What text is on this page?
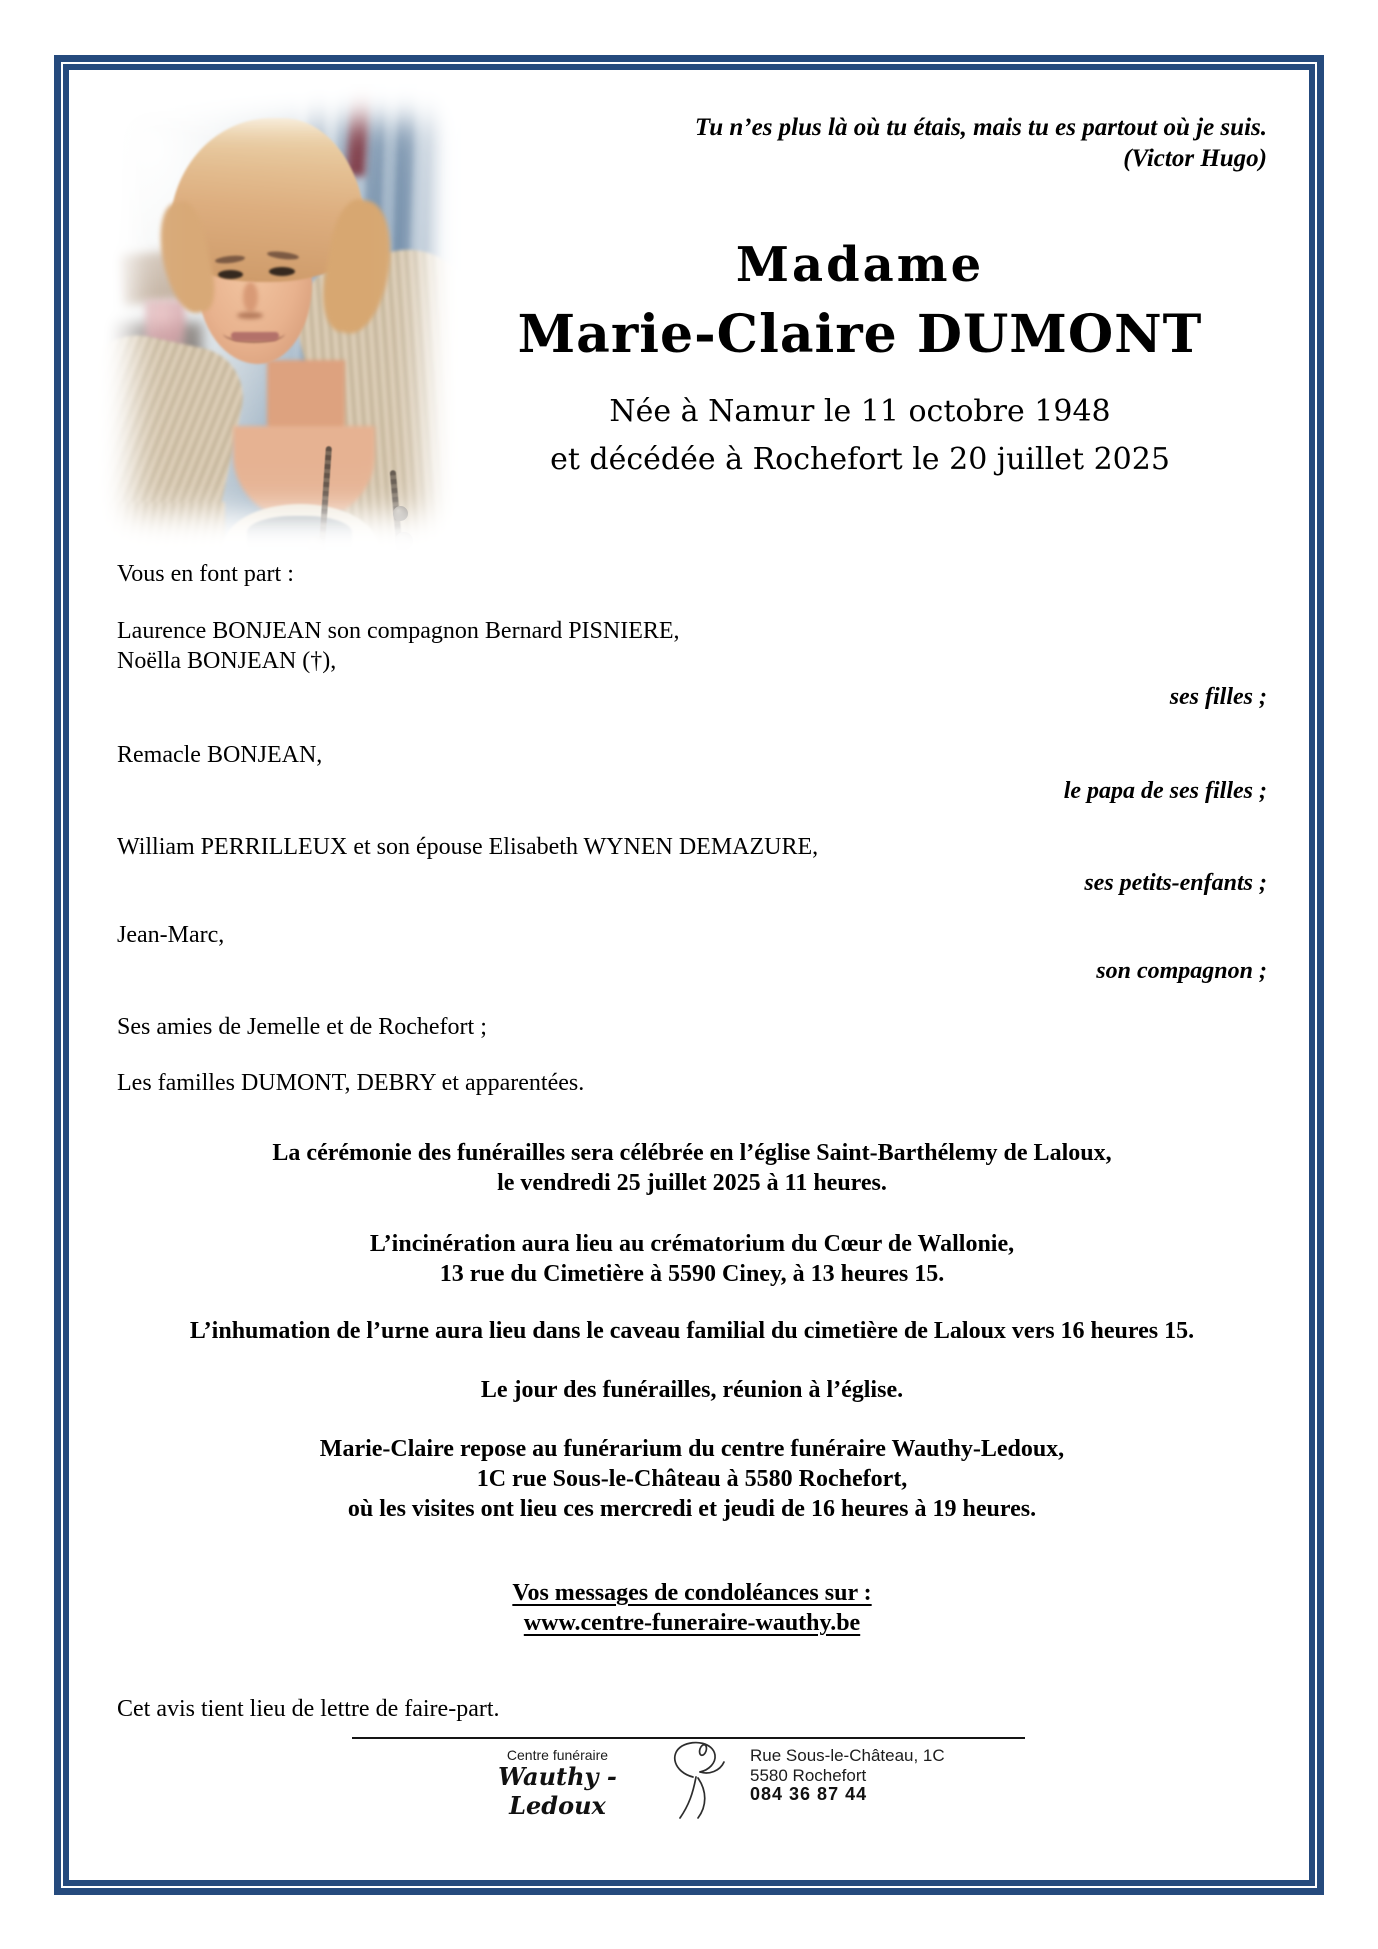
Tu n’es plus là où tu étais, mais tu es partout où je suis.
(Victor Hugo)
Madame
Marie-Claire DUMONT
Née à Namur le 11 octobre 1948
et décédée à Rochefort le 20 juillet 2025
Vous en font part :
Laurence BONJEAN son compagnon Bernard PISNIERE,
Noëlla BONJEAN (†),
ses filles ;
Remacle BONJEAN,
le papa de ses filles ;
William PERRILLEUX et son épouse Elisabeth WYNEN DEMAZURE,
ses petits-enfants ;
Jean-Marc,
son compagnon ;
Ses amies de Jemelle et de Rochefort ;
Les familles DUMONT, DEBRY et apparentées.
La cérémonie des funérailles sera célébrée en l’église Saint-Barthélemy de Laloux,
le vendredi 25 juillet 2025 à 11 heures.
L’incinération aura lieu au crématorium du Cœur de Wallonie,
13 rue du Cimetière à 5590 Ciney, à 13 heures 15.
L’inhumation de l’urne aura lieu dans le caveau familial du cimetière de Laloux vers 16 heures 15.
Le jour des funérailles, réunion à l’église.
Marie-Claire repose au funérarium du centre funéraire Wauthy-Ledoux,
1C rue Sous-le-Château à 5580 Rochefort,
où les visites ont lieu ces mercredi et jeudi de 16 heures à 19 heures.
Vos messages de condoléances sur :
www.centre-funeraire-wauthy.be
Cet avis tient lieu de lettre de faire-part.
Centre funéraire
Wauthy - Ledoux
Rue Sous-le-Château, 1C
5580 Rochefort
084 36 87 44
